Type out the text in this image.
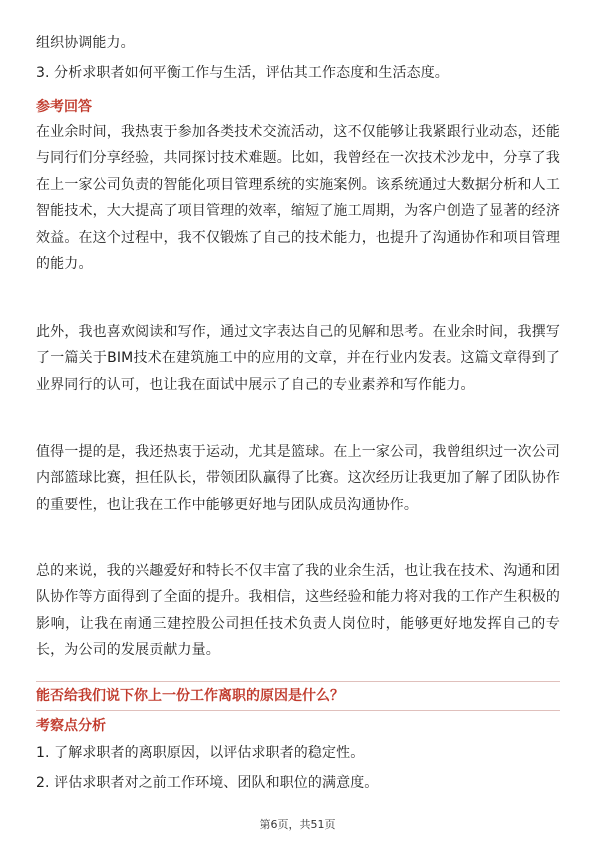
组织协调能力。
3. 分析求职者如何平衡工作与生活，评估其工作态度和生活态度。
参考回答
在业余时间，我热衷于参加各类技术交流活动，这不仅能够让我紧跟行业动态，还能与同行们分享经验，共同探讨技术难题。比如，我曾经在一次技术沙龙中，分享了我在上一家公司负责的智能化项目管理系统的实施案例。该系统通过大数据分析和人工智能技术，大大提高了项目管理的效率，缩短了施工周期，为客户创造了显著的经济效益。在这个过程中，我不仅锻炼了自己的技术能力，也提升了沟通协作和项目管理的能力。
此外，我也喜欢阅读和写作，通过文字表达自己的见解和思考。在业余时间，我撰写了一篇关于BIM技术在建筑施工中的应用的文章，并在行业内发表。这篇文章得到了业界同行的认可，也让我在面试中展示了自己的专业素养和写作能力。
值得一提的是，我还热衷于运动，尤其是篮球。在上一家公司，我曾组织过一次公司内部篮球比赛，担任队长，带领团队赢得了比赛。这次经历让我更加了解了团队协作的重要性，也让我在工作中能够更好地与团队成员沟通协作。
总的来说，我的兴趣爱好和特长不仅丰富了我的业余生活，也让我在技术、沟通和团队协作等方面得到了全面的提升。我相信，这些经验和能力将对我的工作产生积极的影响，让我在南通三建控股公司担任技术负责人岗位时，能够更好地发挥自己的专长，为公司的发展贡献力量。
能否给我们说下你上一份工作离职的原因是什么？
考察点分析
1. 了解求职者的离职原因，以评估求职者的稳定性。
2. 评估求职者对之前工作环境、团队和职位的满意度。
第6页，共51页
